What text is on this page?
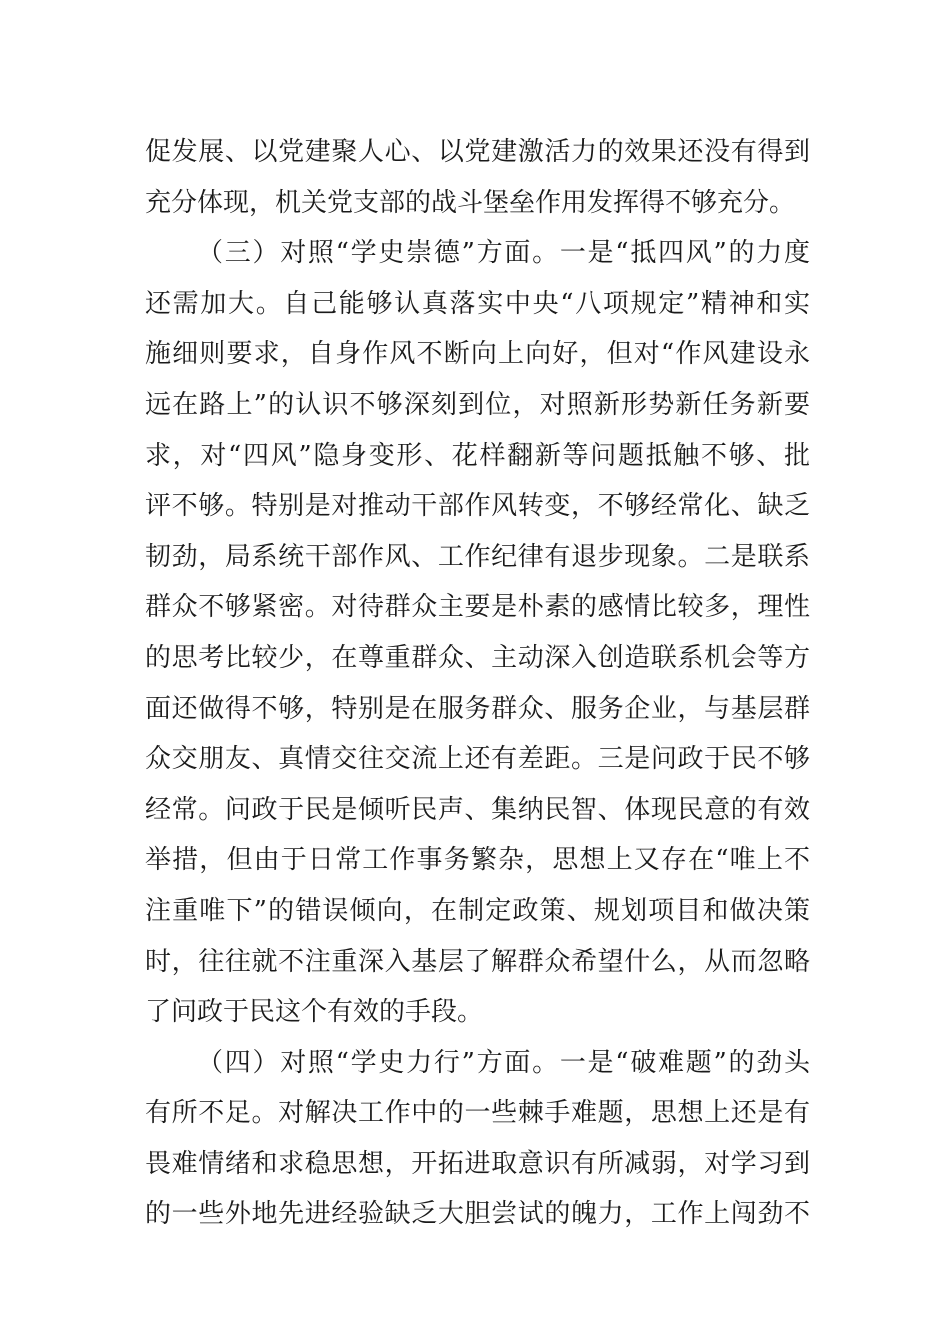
促发展、以党建聚人心、以党建激活力的效果还没有得到
充分体现，机关党支部的战斗堡垒作用发挥得不够充分。
（三）对照“学史崇德”方面。一是“抵四风”的力度
还需加大。自己能够认真落实中央“八项规定”精神和实
施细则要求，自身作风不断向上向好，但对“作风建设永
远在路上”的认识不够深刻到位，对照新形势新任务新要
求，对“四风”隐身变形、花样翻新等问题抵触不够、批
评不够。特别是对推动干部作风转变，不够经常化、缺乏
韧劲，局系统干部作风、工作纪律有退步现象。二是联系
群众不够紧密。对待群众主要是朴素的感情比较多，理性
的思考比较少，在尊重群众、主动深入创造联系机会等方
面还做得不够，特别是在服务群众、服务企业，与基层群
众交朋友、真情交往交流上还有差距。三是问政于民不够
经常。问政于民是倾听民声、集纳民智、体现民意的有效
举措，但由于日常工作事务繁杂，思想上又存在“唯上不
注重唯下”的错误倾向，在制定政策、规划项目和做决策
时，往往就不注重深入基层了解群众希望什么，从而忽略
了问政于民这个有效的手段。
（四）对照“学史力行”方面。一是“破难题”的劲头
有所不足。对解决工作中的一些棘手难题，思想上还是有
畏难情绪和求稳思想，开拓进取意识有所减弱，对学习到
的一些外地先进经验缺乏大胆尝试的魄力，工作上闯劲不
